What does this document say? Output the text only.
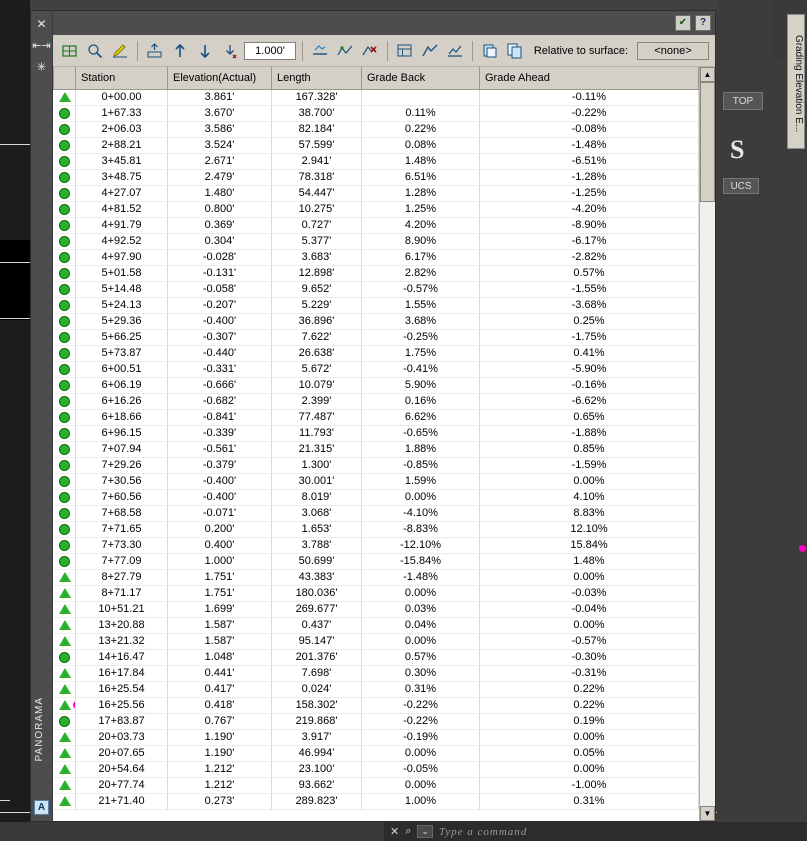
TOP
S
UCS
Grading Elevation E...
✕
⇤⇥
✳
PANORAMA
A
✔	?
1.000'	Relative to surface:	<none>
	Station	Elevation(Actual)	Length	Grade Back	Grade Ahead
	0+00.00	3.861'	167.328'		-0.11%
	1+67.33	3.670'	38.700'	0.11%	-0.22%
	2+06.03	3.586'	82.184'	0.22%	-0.08%
	2+88.21	3.524'	57.599'	0.08%	-1.48%
	3+45.81	2.671'	2.941'	1.48%	-6.51%
	3+48.75	2.479'	78.318'	6.51%	-1.28%
	4+27.07	1.480'	54.447'	1.28%	-1.25%
	4+81.52	0.800'	10.275'	1.25%	-4.20%
	4+91.79	0.369'	0.727'	4.20%	-8.90%
	4+92.52	0.304'	5.377'	8.90%	-6.17%
	4+97.90	-0.028'	3.683'	6.17%	-2.82%
	5+01.58	-0.131'	12.898'	2.82%	0.57%
	5+14.48	-0.058'	9.652'	-0.57%	-1.55%
	5+24.13	-0.207'	5.229'	1.55%	-3.68%
	5+29.36	-0.400'	36.896'	3.68%	0.25%
	5+66.25	-0.307'	7.622'	-0.25%	-1.75%
	5+73.87	-0.440'	26.638'	1.75%	0.41%
	6+00.51	-0.331'	5.672'	-0.41%	-5.90%
	6+06.19	-0.666'	10.079'	5.90%	-0.16%
	6+16.26	-0.682'	2.399'	0.16%	-6.62%
	6+18.66	-0.841'	77.487'	6.62%	0.65%
	6+96.15	-0.339'	11.793'	-0.65%	-1.88%
	7+07.94	-0.561'	21.315'	1.88%	0.85%
	7+29.26	-0.379'	1.300'	-0.85%	-1.59%
	7+30.56	-0.400'	30.001'	1.59%	0.00%
	7+60.56	-0.400'	8.019'	0.00%	4.10%
	7+68.58	-0.071'	3.068'	-4.10%	8.83%
	7+71.65	0.200'	1.653'	-8.83%	12.10%
	7+73.30	0.400'	3.788'	-12.10%	15.84%
	7+77.09	1.000'	50.699'	-15.84%	1.48%
	8+27.79	1.751'	43.383'	-1.48%	0.00%
	8+71.17	1.751'	180.036'	0.00%	-0.03%
	10+51.21	1.699'	269.677'	0.03%	-0.04%
	13+20.88	1.587'	0.437'	0.04%	0.00%
	13+21.32	1.587'	95.147'	0.00%	-0.57%
	14+16.47	1.048'	201.376'	0.57%	-0.30%
	16+17.84	0.441'	7.698'	0.30%	-0.31%
	16+25.54	0.417'	0.024'	0.31%	0.22%
	16+25.56	0.418'	158.302'	-0.22%	0.22%
	17+83.87	0.767'	219.868'	-0.22%	0.19%
	20+03.73	1.190'	3.917'	-0.19%	0.00%
	20+07.65	1.190'	46.994'	0.00%	0.05%
	20+54.64	1.212'	23.100'	-0.05%	0.00%
	20+77.74	1.212'	93.662'	0.00%	-1.00%
	21+71.40	0.273'	289.823'	1.00%	0.31%
▲
▼
✕ ⌕	⌄ Type a command
